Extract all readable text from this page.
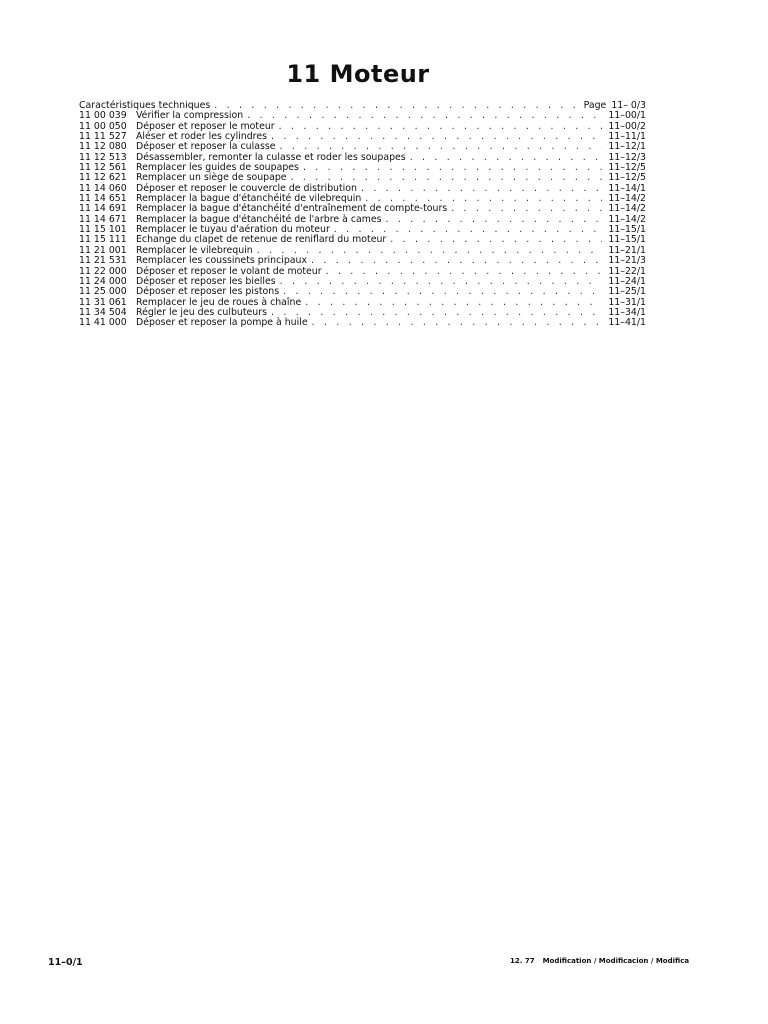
11 Moteur
Caractéristiques techniques . . .	Page 11– 0/3
11 00 039 Vérifier la compression . . .	11–00/1
11 00 050 Déposer et reposer le moteur . . .	11–00/2
11 11 527 Aléser et roder les cylindres . . .	11–11/1
11 12 080 Déposer et reposer la culasse . . .	11–12/1
11 12 513 Désassembler, remonter la culasse et roder les soupapes . . .	11–12/3
11 12 561 Remplacer les guides de soupapes . . .	11–12/5
11 12 621 Remplacer un siège de soupape . . .	11–12/5
11 14 060 Déposer et reposer le couvercle de distribution . . .	11–14/1
11 14 651 Remplacer la bague d'étanchéité de vilebrequin . . .	11–14/2
11 14 691 Remplacer la bague d'étanchéité d'entraînement de compte-tours . . .	11–14/2
11 14 671 Remplacer la bague d'étanchéité de l'arbre à cames . . .	11–14/2
11 15 101 Remplacer le tuyau d'aération du moteur . . .	11–15/1
11 15 111 Echange du clapet de retenue de reniflard du moteur . . .	11–15/1
11 21 001 Remplacer le vilebrequin . . .	11–21/1
11 21 531 Remplacer les coussinets principaux . . .	11–21/3
11 22 000 Déposer et reposer le volant de moteur . . .	11–22/1
11 24 000 Déposer et reposer les bielles . . .	11–24/1
11 25 000 Déposer et reposer les pistons . . .	11–25/1
11 31 061 Remplacer le jeu de roues à chaîne . . .	11–31/1
11 34 504 Régler le jeu des culbuteurs . . .	11–34/1
11 41 000 Déposer et reposer la pompe à huile . . .	11–41/1
11–0/1	12. 77 Modification / Modificacion / Modifica
